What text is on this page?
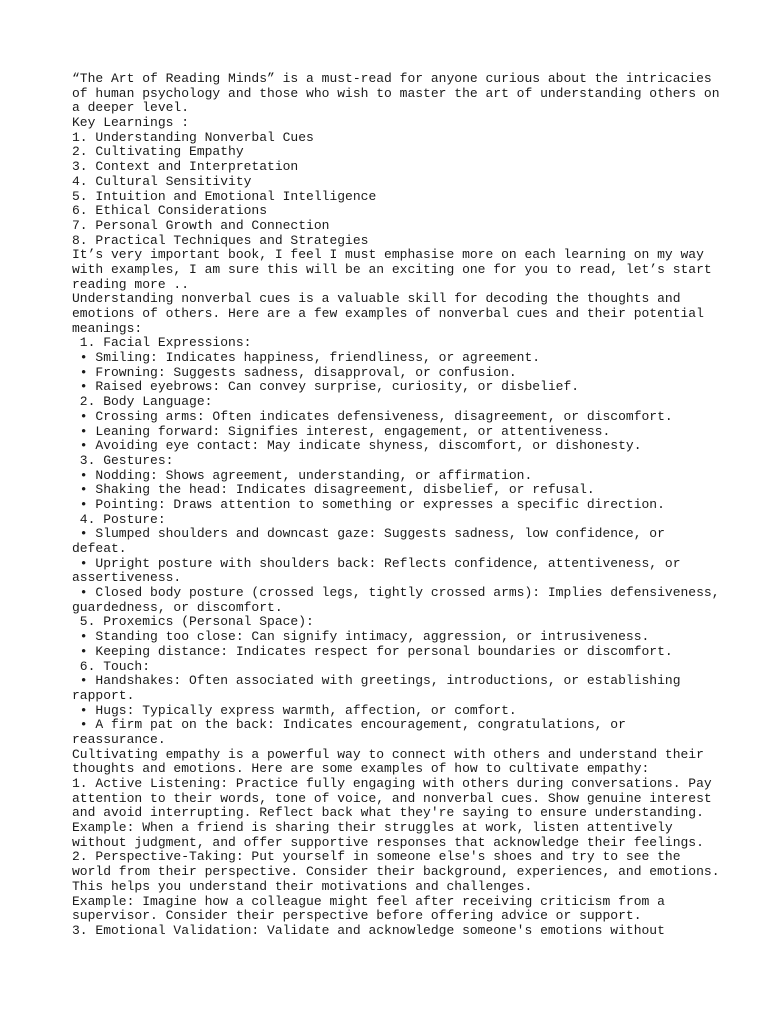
“The Art of Reading Minds” is a must-read for anyone curious about the intricacies
of human psychology and those who wish to master the art of understanding others on
a deeper level.
Key Learnings :
1. Understanding Nonverbal Cues
2. Cultivating Empathy
3. Context and Interpretation
4. Cultural Sensitivity
5. Intuition and Emotional Intelligence
6. Ethical Considerations
7. Personal Growth and Connection
8. Practical Techniques and Strategies
It’s very important book, I feel I must emphasise more on each learning on my way
with examples, I am sure this will be an exciting one for you to read, let’s start
reading more ..
Understanding nonverbal cues is a valuable skill for decoding the thoughts and
emotions of others. Here are a few examples of nonverbal cues and their potential
meanings:
1. Facial Expressions:
• Smiling: Indicates happiness, friendliness, or agreement.
• Frowning: Suggests sadness, disapproval, or confusion.
• Raised eyebrows: Can convey surprise, curiosity, or disbelief.
2. Body Language:
• Crossing arms: Often indicates defensiveness, disagreement, or discomfort.
• Leaning forward: Signifies interest, engagement, or attentiveness.
• Avoiding eye contact: May indicate shyness, discomfort, or dishonesty.
3. Gestures:
• Nodding: Shows agreement, understanding, or affirmation.
• Shaking the head: Indicates disagreement, disbelief, or refusal.
• Pointing: Draws attention to something or expresses a specific direction.
4. Posture:
• Slumped shoulders and downcast gaze: Suggests sadness, low confidence, or
defeat.
• Upright posture with shoulders back: Reflects confidence, attentiveness, or
assertiveness.
• Closed body posture (crossed legs, tightly crossed arms): Implies defensiveness,
guardedness, or discomfort.
5. Proxemics (Personal Space):
• Standing too close: Can signify intimacy, aggression, or intrusiveness.
• Keeping distance: Indicates respect for personal boundaries or discomfort.
6. Touch:
• Handshakes: Often associated with greetings, introductions, or establishing
rapport.
• Hugs: Typically express warmth, affection, or comfort.
• A firm pat on the back: Indicates encouragement, congratulations, or
reassurance.
Cultivating empathy is a powerful way to connect with others and understand their
thoughts and emotions. Here are some examples of how to cultivate empathy:
1. Active Listening: Practice fully engaging with others during conversations. Pay
attention to their words, tone of voice, and nonverbal cues. Show genuine interest
and avoid interrupting. Reflect back what they're saying to ensure understanding.
Example: When a friend is sharing their struggles at work, listen attentively
without judgment, and offer supportive responses that acknowledge their feelings.
2. Perspective-Taking: Put yourself in someone else's shoes and try to see the
world from their perspective. Consider their background, experiences, and emotions.
This helps you understand their motivations and challenges.
Example: Imagine how a colleague might feel after receiving criticism from a
supervisor. Consider their perspective before offering advice or support.
3. Emotional Validation: Validate and acknowledge someone's emotions without
